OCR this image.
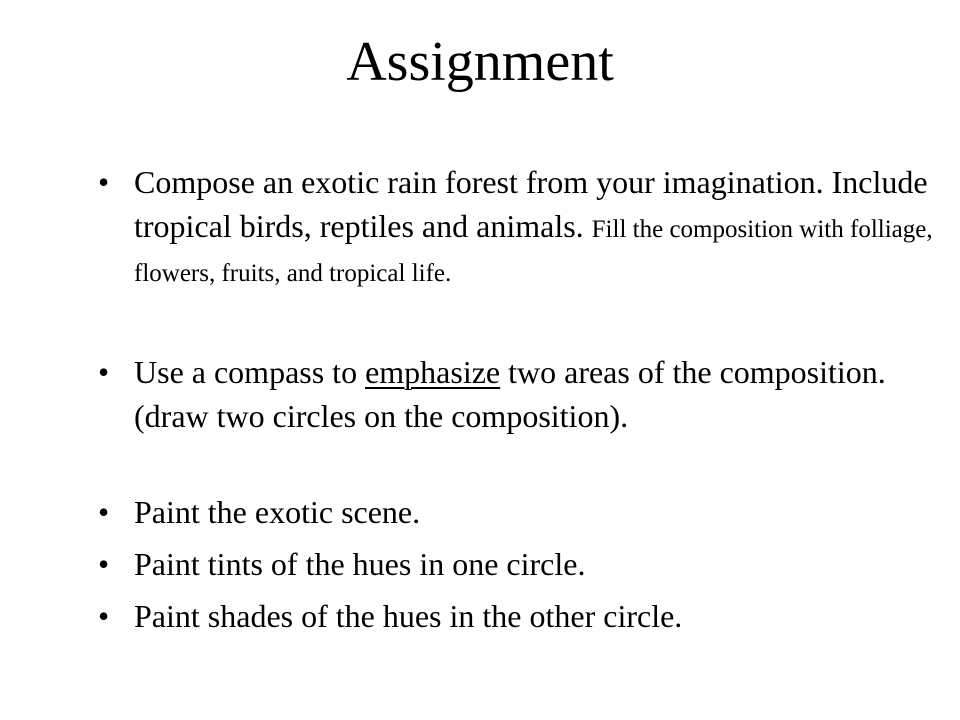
Assignment
• Compose an exotic rain forest from your imagination. Include tropical birds, reptiles and animals. Fill the composition with folliage, flowers, fruits, and tropical life.
• Use a compass to emphasize two areas of the composition. (draw two circles on the composition).
• Paint the exotic scene.
• Paint tints of the hues in one circle.
• Paint shades of the hues in the other circle.
